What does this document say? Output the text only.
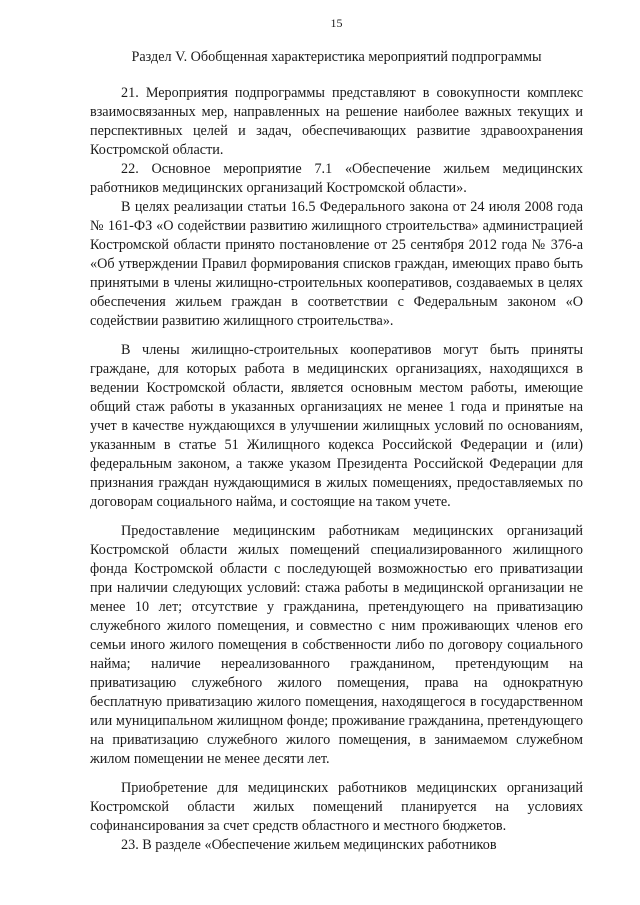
15
Раздел V. Обобщенная характеристика мероприятий подпрограммы

21. Мероприятия подпрограммы представляют в совокупности комплекс взаимосвязанных мер, направленных на решение наиболее важных текущих и перспективных целей и задач, обеспечивающих развитие здравоохранения Костромской области.

22. Основное мероприятие 7.1 «Обеспечение жильем медицинских работников медицинских организаций Костромской области».

В целях реализации статьи 16.5 Федерального закона от 24 июля 2008 года № 161-ФЗ «О содействии развитию жилищного строительства» администрацией Костромской области принято постановление от 25 сентября 2012 года № 376-а «Об утверждении Правил формирования списков граждан, имеющих право быть принятыми в члены жилищно-строительных кооперативов, создаваемых в целях обеспечения жильем граждан в соответствии с Федеральным законом «О содействии развитию жилищного строительства».

В члены жилищно-строительных кооперативов могут быть приняты граждане, для которых работа в медицинских организациях, находящихся в ведении Костромской области, является основным местом работы, имеющие общий стаж работы в указанных организациях не менее 1 года и принятые на учет в качестве нуждающихся в улучшении жилищных условий по основаниям, указанным в статье 51 Жилищного кодекса Российской Федерации и (или) федеральным законом, а также указом Президента Российской Федерации для признания граждан нуждающимися в жилых помещениях, предоставляемых по договорам социального найма, и состоящие на таком учете.

Предоставление медицинским работникам медицинских организаций Костромской области жилых помещений специализированного жилищного фонда Костромской области с последующей возможностью его приватизации при наличии следующих условий: стажа работы в медицинской организации не менее 10 лет; отсутствие у гражданина, претендующего на приватизацию служебного жилого помещения, и совместно с ним проживающих членов его семьи иного жилого помещения в собственности либо по договору социального найма; наличие нереализованного гражданином, претендующим на приватизацию служебного жилого помещения, права на однократную бесплатную приватизацию жилого помещения, находящегося в государственном или муниципальном жилищном фонде; проживание гражданина, претендующего на приватизацию служебного жилого помещения, в занимаемом служебном жилом помещении не менее десяти лет.

Приобретение для медицинских работников медицинских организаций Костромской области жилых помещений планируется на условиях софинансирования за счет средств областного и местного бюджетов.

23. В разделе «Обеспечение жильем медицинских работников
